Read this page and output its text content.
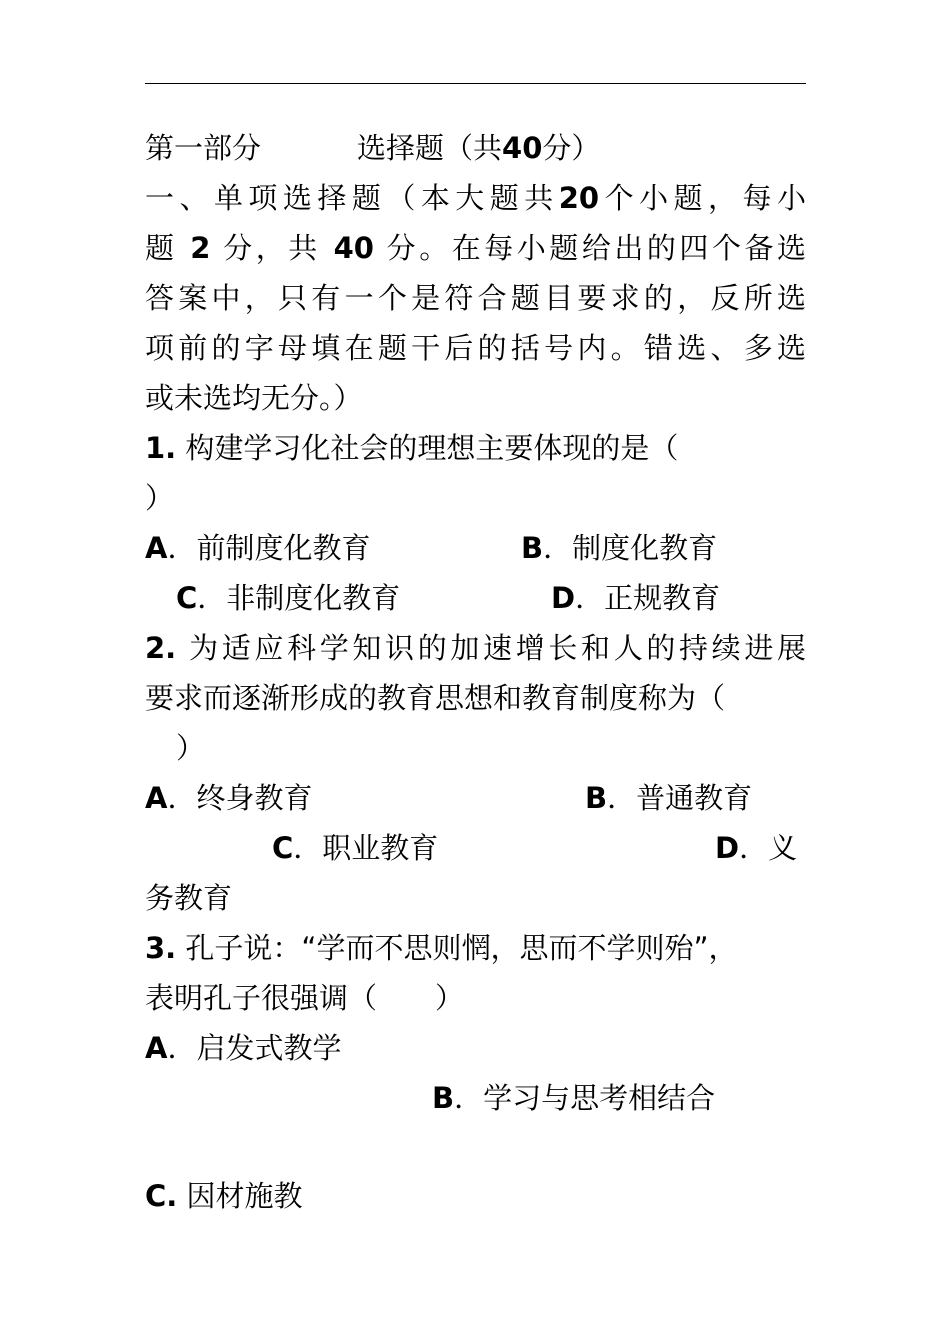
第一部分	选择题（共40分）
一、单项选择题（本大题共20个小题，每小
题 2 分，共 40 分。在每小题给出的四个备选
答案中，只有一个是符合题目要求的，反所选
项前的字母填在题干后的括号内。错选、多选
或未选均无分。）
1. 构建学习化社会的理想主要体现的是（
）
A．前制度化教育	B．制度化教育
C．非制度化教育	D．正规教育
2. 为适应科学知识的加速增长和人的持续进展
要求而逐渐形成的教育思想和教育制度称为（
）
A．终身教育	B．普通教育
C．职业教育	D．义
务教育
3. 孔子说：“学而不思则惘，思而不学则殆”，
表明孔子很强调（　　）
A．启发式教学
B．学习与思考相结合
C. 因材施教
